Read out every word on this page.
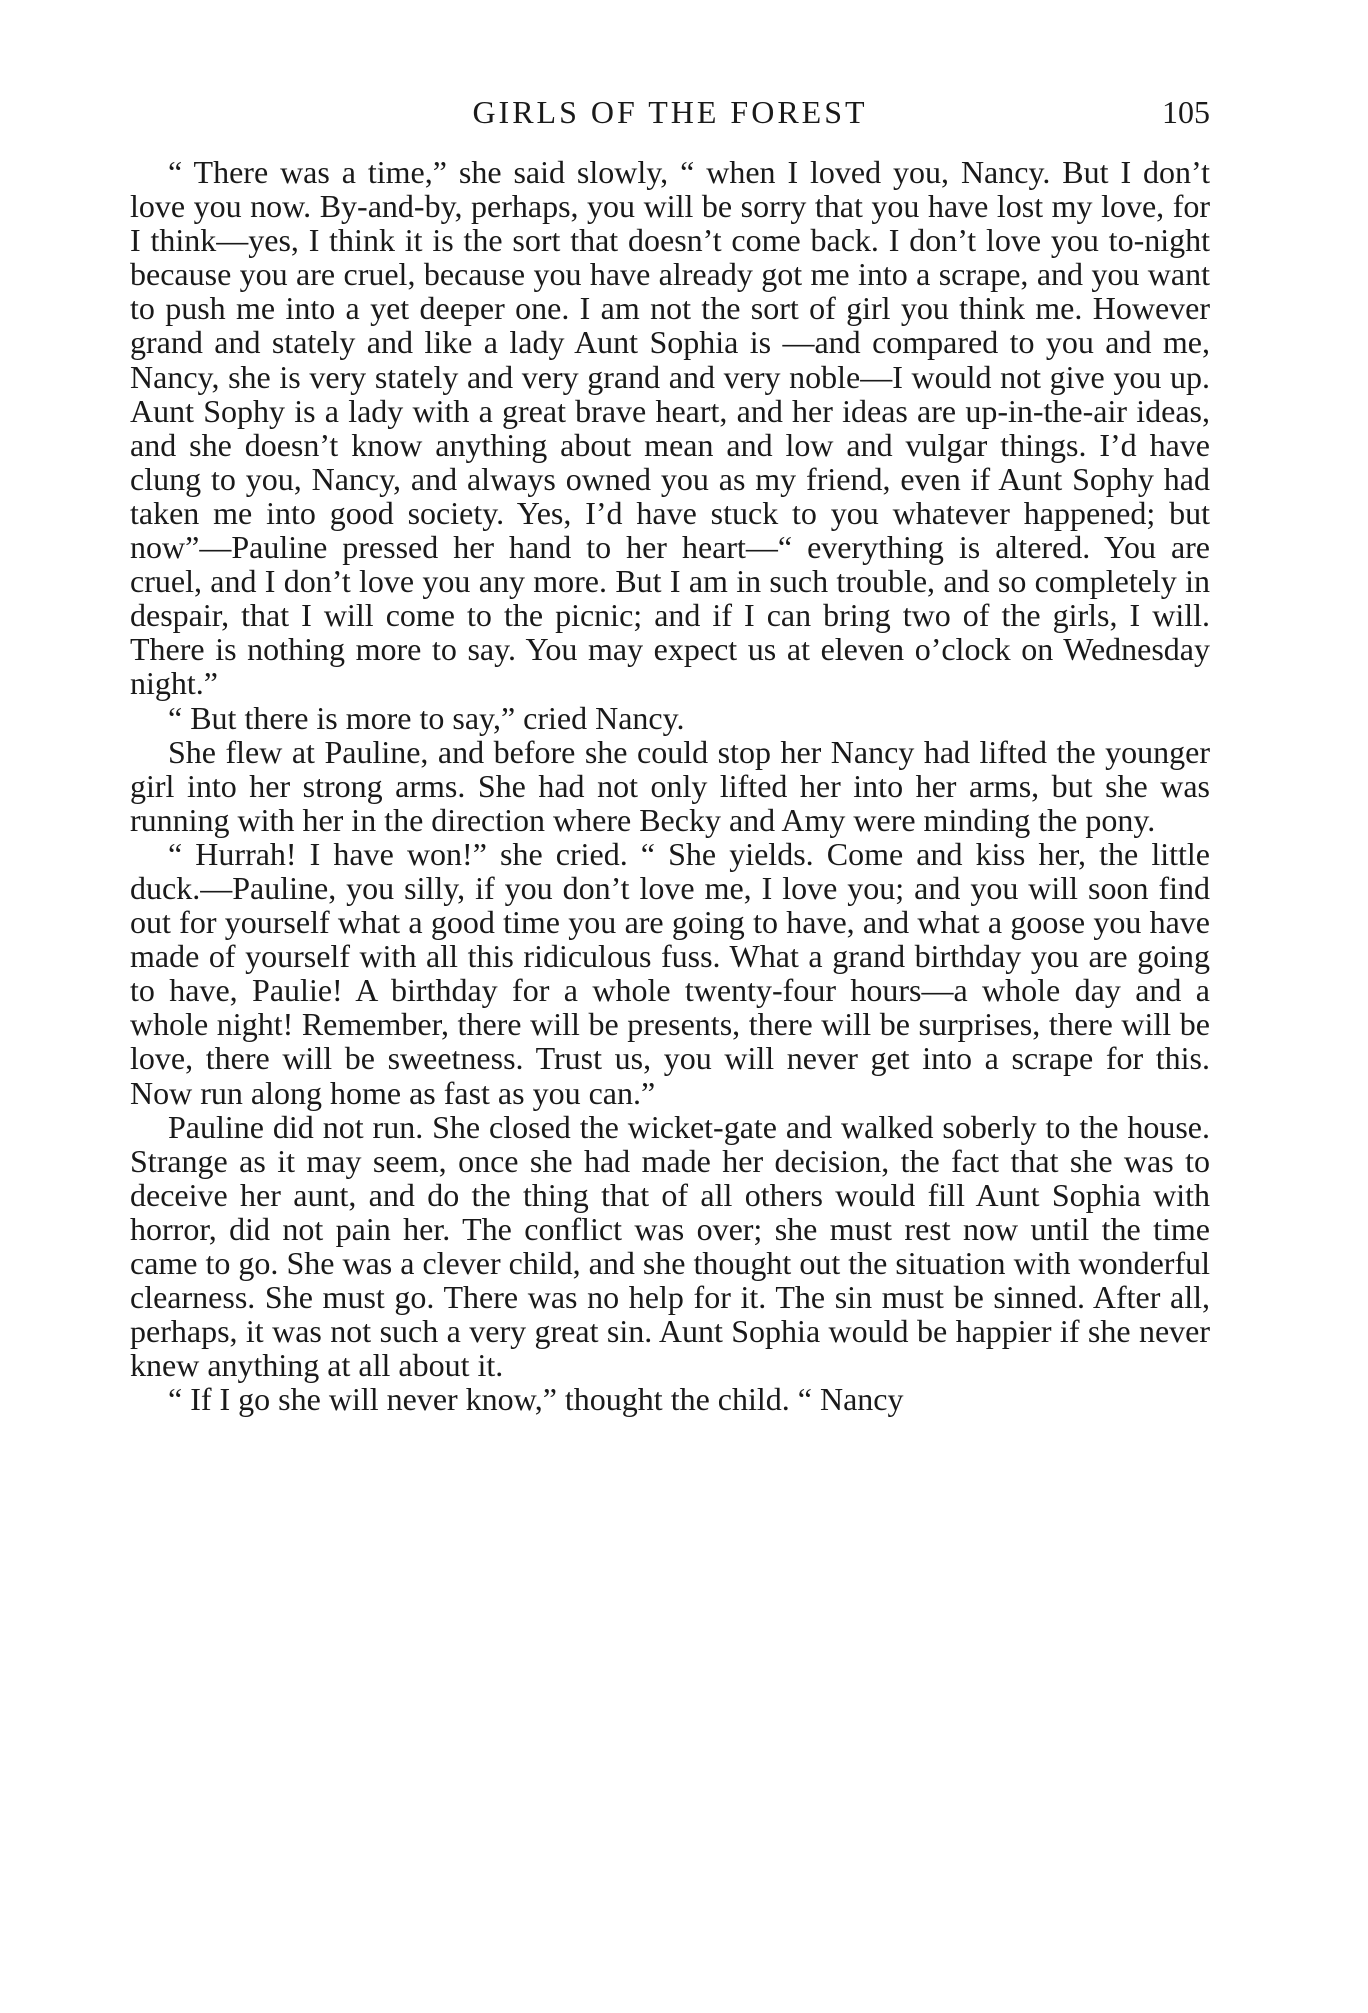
GIRLS OF THE FOREST	105

“ There was a time,” she said slowly, “ when I loved you, Nancy. But I don’t love you now. By-and-by, perhaps, you will be sorry that you have lost my love, for I think—yes, I think it is the sort that doesn’t come back. I don’t love you to-night because you are cruel, because you have already got me into a scrape, and you want to push me into a yet deeper one. I am not the sort of girl you think me. However grand and stately and like a lady Aunt Sophia is —and compared to you and me, Nancy, she is very stately and very grand and very noble—I would not give you up. Aunt Sophy is a lady with a great brave heart, and her ideas are up-in-the-air ideas, and she doesn’t know anything about mean and low and vulgar things. I’d have clung to you, Nancy, and always owned you as my friend, even if Aunt Sophy had taken me into good society. Yes, I’d have stuck to you whatever happened; but now”—Pauline pressed her hand to her heart—“ everything is altered. You are cruel, and I don’t love you any more. But I am in such trouble, and so completely in despair, that I will come to the picnic; and if I can bring two of the girls, I will. There is nothing more to say. You may expect us at eleven o’clock on Wednesday night.”

“ But there is more to say,” cried Nancy.

She flew at Pauline, and before she could stop her Nancy had lifted the younger girl into her strong arms. She had not only lifted her into her arms, but she was running with her in the direction where Becky and Amy were minding the pony.

“ Hurrah! I have won!” she cried. “ She yields. Come and kiss her, the little duck.—Pauline, you silly, if you don’t love me, I love you; and you will soon find out for yourself what a good time you are going to have, and what a goose you have made of yourself with all this ridiculous fuss. What a grand birthday you are going to have, Paulie! A birthday for a whole twenty-four hours—a whole day and a whole night! Remember, there will be presents, there will be surprises, there will be love, there will be sweetness. Trust us, you will never get into a scrape for this. Now run along home as fast as you can.”

Pauline did not run. She closed the wicket-gate and walked soberly to the house. Strange as it may seem, once she had made her decision, the fact that she was to deceive her aunt, and do the thing that of all others would fill Aunt Sophia with horror, did not pain her. The conflict was over; she must rest now until the time came to go. She was a clever child, and she thought out the situation with wonderful clearness. She must go. There was no help for it. The sin must be sinned. After all, perhaps, it was not such a very great sin. Aunt Sophia would be happier if she never knew anything at all about it.

“ If I go she will never know,” thought the child. “ Nancy
